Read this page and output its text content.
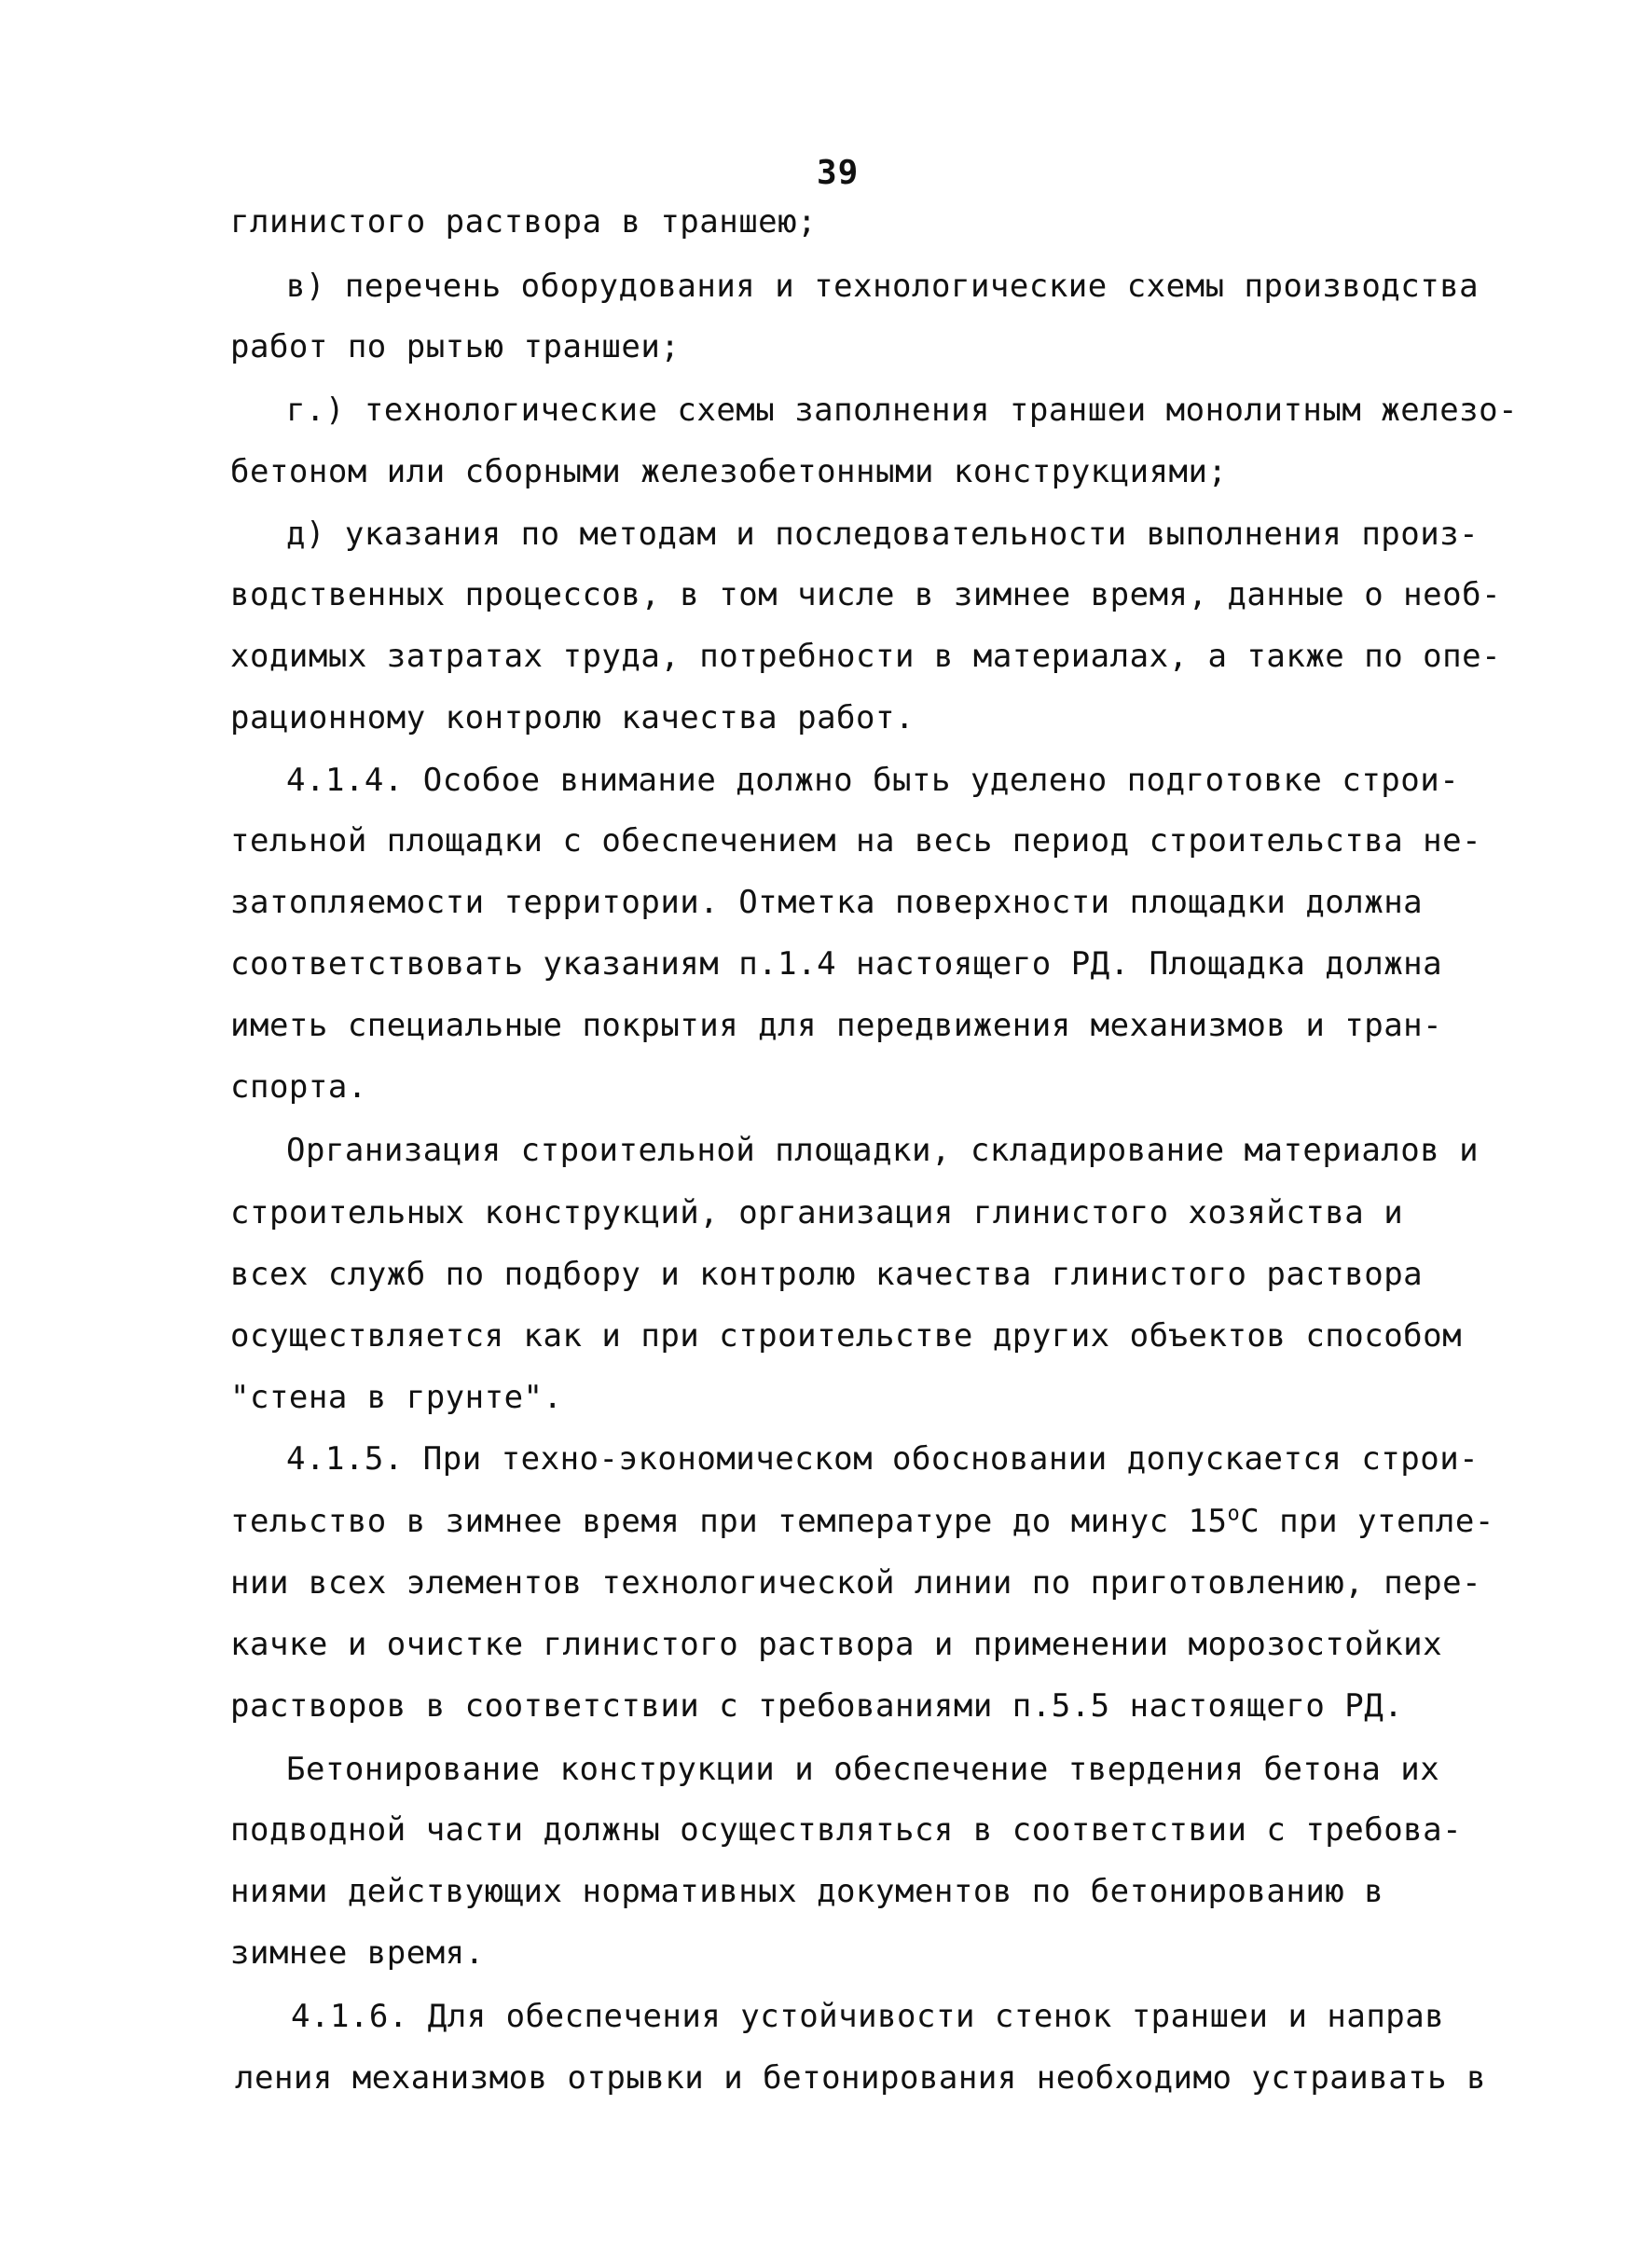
39
глинистого раствора в траншею;
в) перечень оборудования и технологические схемы производства
работ по рытью траншеи;
г.) технологические схемы заполнения траншеи монолитным железо-
бетоном или сборными железобетонными конструкциями;
д) указания по методам и последовательности выполнения произ-
водственных процессов, в том числе в зимнее время, данные о необ-
ходимых затратах труда, потребности в материалах, а также по опе-
рационному контролю качества работ.
4.1.4. Особое внимание должно быть уделено подготовке строи-
тельной площадки с обеспечением на весь период строительства не-
затопляемости территории. Отметка поверхности площадки должна
соответствовать указаниям п.1.4 настоящего РД. Площадка должна
иметь специальные покрытия для передвижения механизмов и тран-
спорта.
Организация строительной площадки, складирование материалов и
строительных конструкций, организация глинистого хозяйства и
всех служб по подбору и контролю качества глинистого раствора
осуществляется как и при строительстве других объектов способом
"стена в грунте".
4.1.5. При техно-экономическом обосновании допускается строи-
тельство в зимнее время при температуре до минус $15^оС$ при утепле-
нии всех элементов технологической линии по приготовлению, пере-
качке и очистке глинистого раствора и применении морозостойких
растворов в соответствии с требованиями п.5.5 настоящего РД.
Бетонирование конструкции и обеспечение твердения бетона их
подводной части должны осуществляться в соответствии с требова-
ниями действующих нормативных документов по бетонированию в
зимнее время.
4.1.6. Для обеспечения устойчивости стенок траншеи и направ
ления механизмов отрывки и бетонирования необходимо устраивать в
